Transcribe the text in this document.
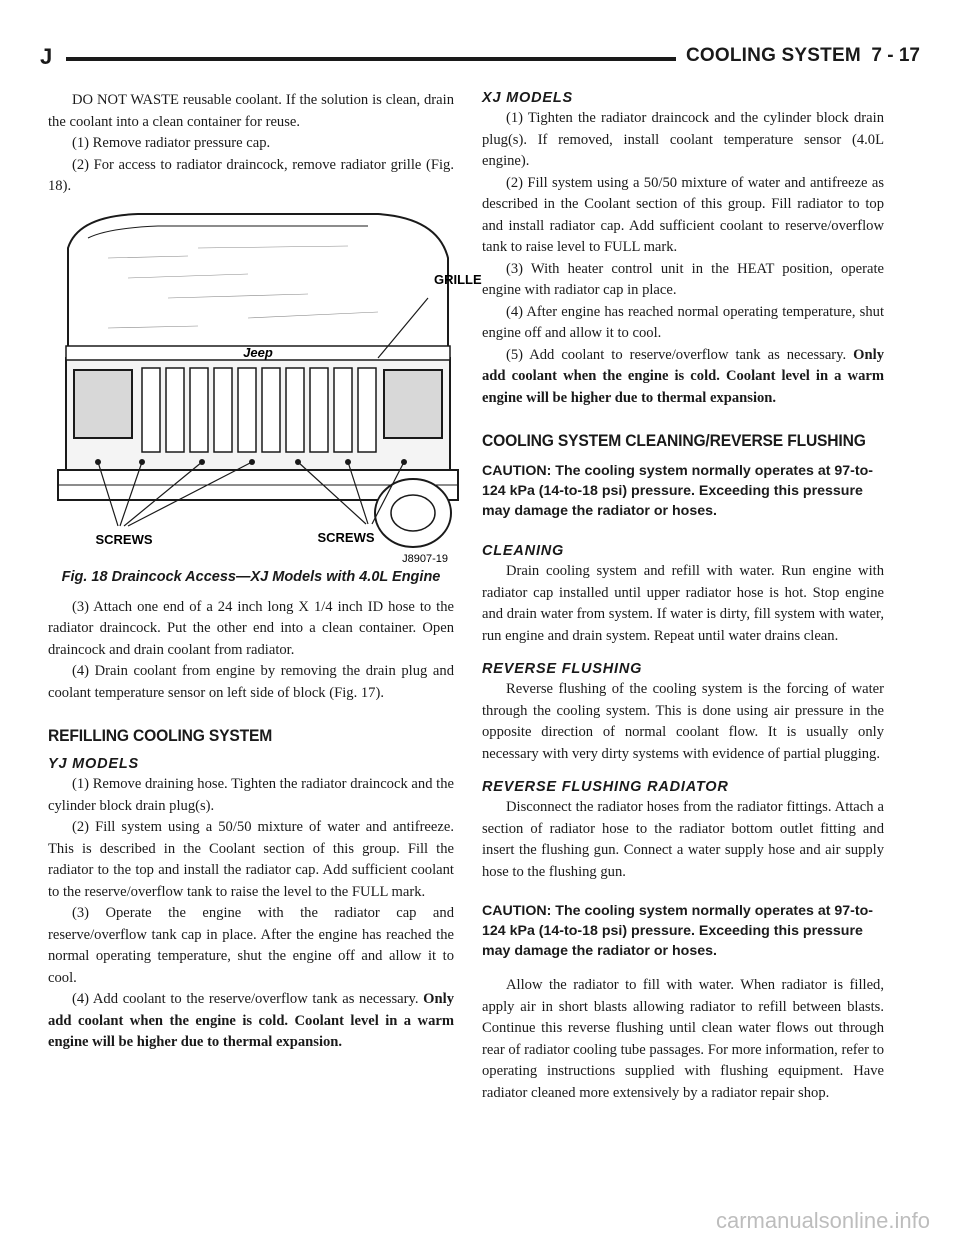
J	COOLING SYSTEM 7 - 17

DO NOT WASTE reusable coolant. If the solution is clean, drain the coolant into a clean container for reuse.

(1) Remove radiator pressure cap.

(2) For access to radiator draincock, remove radiator grille (Fig. 18).

Jeep
GRILLE
SCREWS	SCREWS
J8907-19
Fig. 18 Draincock Access—XJ Models with 4.0L Engine

(3) Attach one end of a 24 inch long X 1/4 inch ID hose to the radiator draincock. Put the other end into a clean container. Open draincock and drain coolant from radiator.

(4) Drain coolant from engine by removing the drain plug and coolant temperature sensor on left side of block (Fig. 17).

REFILLING COOLING SYSTEM
YJ MODELS

(1) Remove draining hose. Tighten the radiator draincock and the cylinder block drain plug(s).

(2) Fill system using a 50/50 mixture of water and antifreeze. This is described in the Coolant section of this group. Fill the radiator to the top and install the radiator cap. Add sufficient coolant to the reserve/overflow tank to raise the level to the FULL mark.

(3) Operate the engine with the radiator cap and reserve/overflow tank cap in place. After the engine has reached the normal operating temperature, shut the engine off and allow it to cool.

(4) Add coolant to the reserve/overflow tank as necessary. Only add coolant when the engine is cold. Coolant level in a warm engine will be higher due to thermal expansion.

XJ MODELS

(1) Tighten the radiator draincock and the cylinder block drain plug(s). If removed, install coolant temperature sensor (4.0L engine).

(2) Fill system using a 50/50 mixture of water and antifreeze as described in the Coolant section of this group. Fill radiator to top and install radiator cap. Add sufficient coolant to reserve/overflow tank to raise level to FULL mark.

(3) With heater control unit in the HEAT position, operate engine with radiator cap in place.

(4) After engine has reached normal operating temperature, shut engine off and allow it to cool.

(5) Add coolant to reserve/overflow tank as necessary. Only add coolant when the engine is cold. Coolant level in a warm engine will be higher due to thermal expansion.

COOLING SYSTEM CLEANING/REVERSE FLUSHING
CAUTION: The cooling system normally operates at 97-to-124 kPa (14-to-18 psi) pressure. Exceeding this pressure may damage the radiator or hoses.
CLEANING

Drain cooling system and refill with water. Run engine with radiator cap installed until upper radiator hose is hot. Stop engine and drain water from system. If water is dirty, fill system with water, run engine and drain system. Repeat until water drains clean.

REVERSE FLUSHING

Reverse flushing of the cooling system is the forcing of water through the cooling system. This is done using air pressure in the opposite direction of normal coolant flow. It is usually only necessary with very dirty systems with evidence of partial plugging.

REVERSE FLUSHING RADIATOR

Disconnect the radiator hoses from the radiator fittings. Attach a section of radiator hose to the radiator bottom outlet fitting and insert the flushing gun. Connect a water supply hose and air supply hose to the flushing gun.

CAUTION: The cooling system normally operates at 97-to-124 kPa (14-to-18 psi) pressure. Exceeding this pressure may damage the radiator or hoses.

Allow the radiator to fill with water. When radiator is filled, apply air in short blasts allowing radiator to refill between blasts. Continue this reverse flushing until clean water flows out through rear of radiator cooling tube passages. For more information, refer to operating instructions supplied with flushing equipment. Have radiator cleaned more extensively by a radiator repair shop.

carmanualsonline.info
